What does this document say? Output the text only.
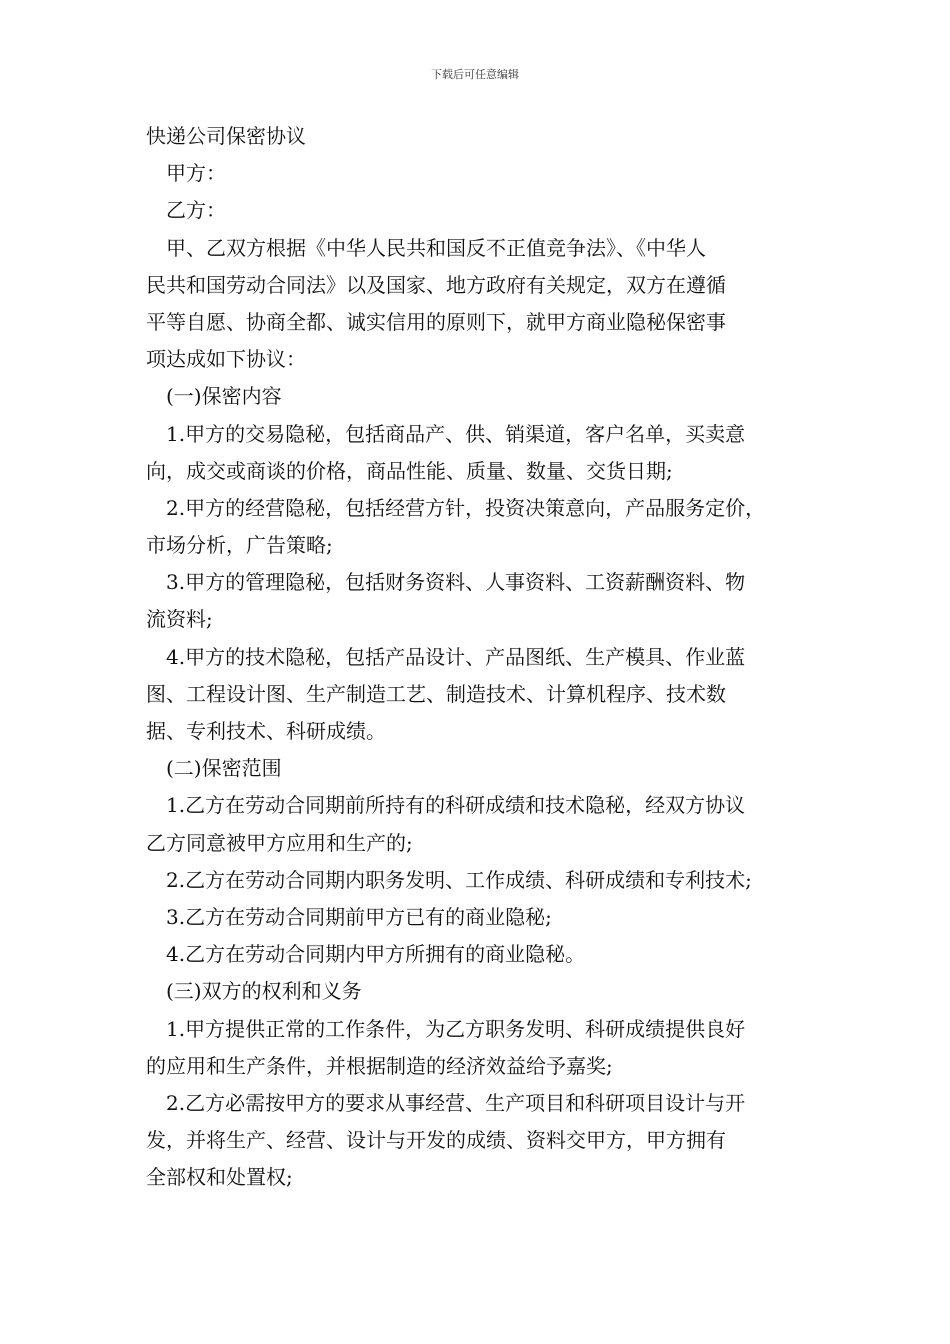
下载后可任意编辑
快递公司保密协议
　甲方：
　乙方：
　甲、乙双方根据《中华人民共和国反不正值竞争法》、《中华人
民共和国劳动合同法》以及国家、地方政府有关规定，双方在遵循
平等自愿、协商全都、诚实信用的原则下，就甲方商业隐秘保密事
项达成如下协议：
　(一)保密内容
　1.甲方的交易隐秘，包括商品产、供、销渠道，客户名单，买卖意
向，成交或商谈的价格，商品性能、质量、数量、交货日期;
　2.甲方的经营隐秘，包括经营方针，投资决策意向，产品服务定价，
市场分析，广告策略;
　3.甲方的管理隐秘，包括财务资料、人事资料、工资薪酬资料、物
流资料;
　4.甲方的技术隐秘，包括产品设计、产品图纸、生产模具、作业蓝
图、工程设计图、生产制造工艺、制造技术、计算机程序、技术数
据、专利技术、科研成绩。
　(二)保密范围
　1.乙方在劳动合同期前所持有的科研成绩和技术隐秘，经双方协议
乙方同意被甲方应用和生产的;
　2.乙方在劳动合同期内职务发明、工作成绩、科研成绩和专利技术;
　3.乙方在劳动合同期前甲方已有的商业隐秘;
　4.乙方在劳动合同期内甲方所拥有的商业隐秘。
　(三)双方的权利和义务
　1.甲方提供正常的工作条件，为乙方职务发明、科研成绩提供良好
的应用和生产条件，并根据制造的经济效益给予嘉奖;
　2.乙方必需按甲方的要求从事经营、生产项目和科研项目设计与开
发，并将生产、经营、设计与开发的成绩、资料交甲方，甲方拥有
全部权和处置权;
